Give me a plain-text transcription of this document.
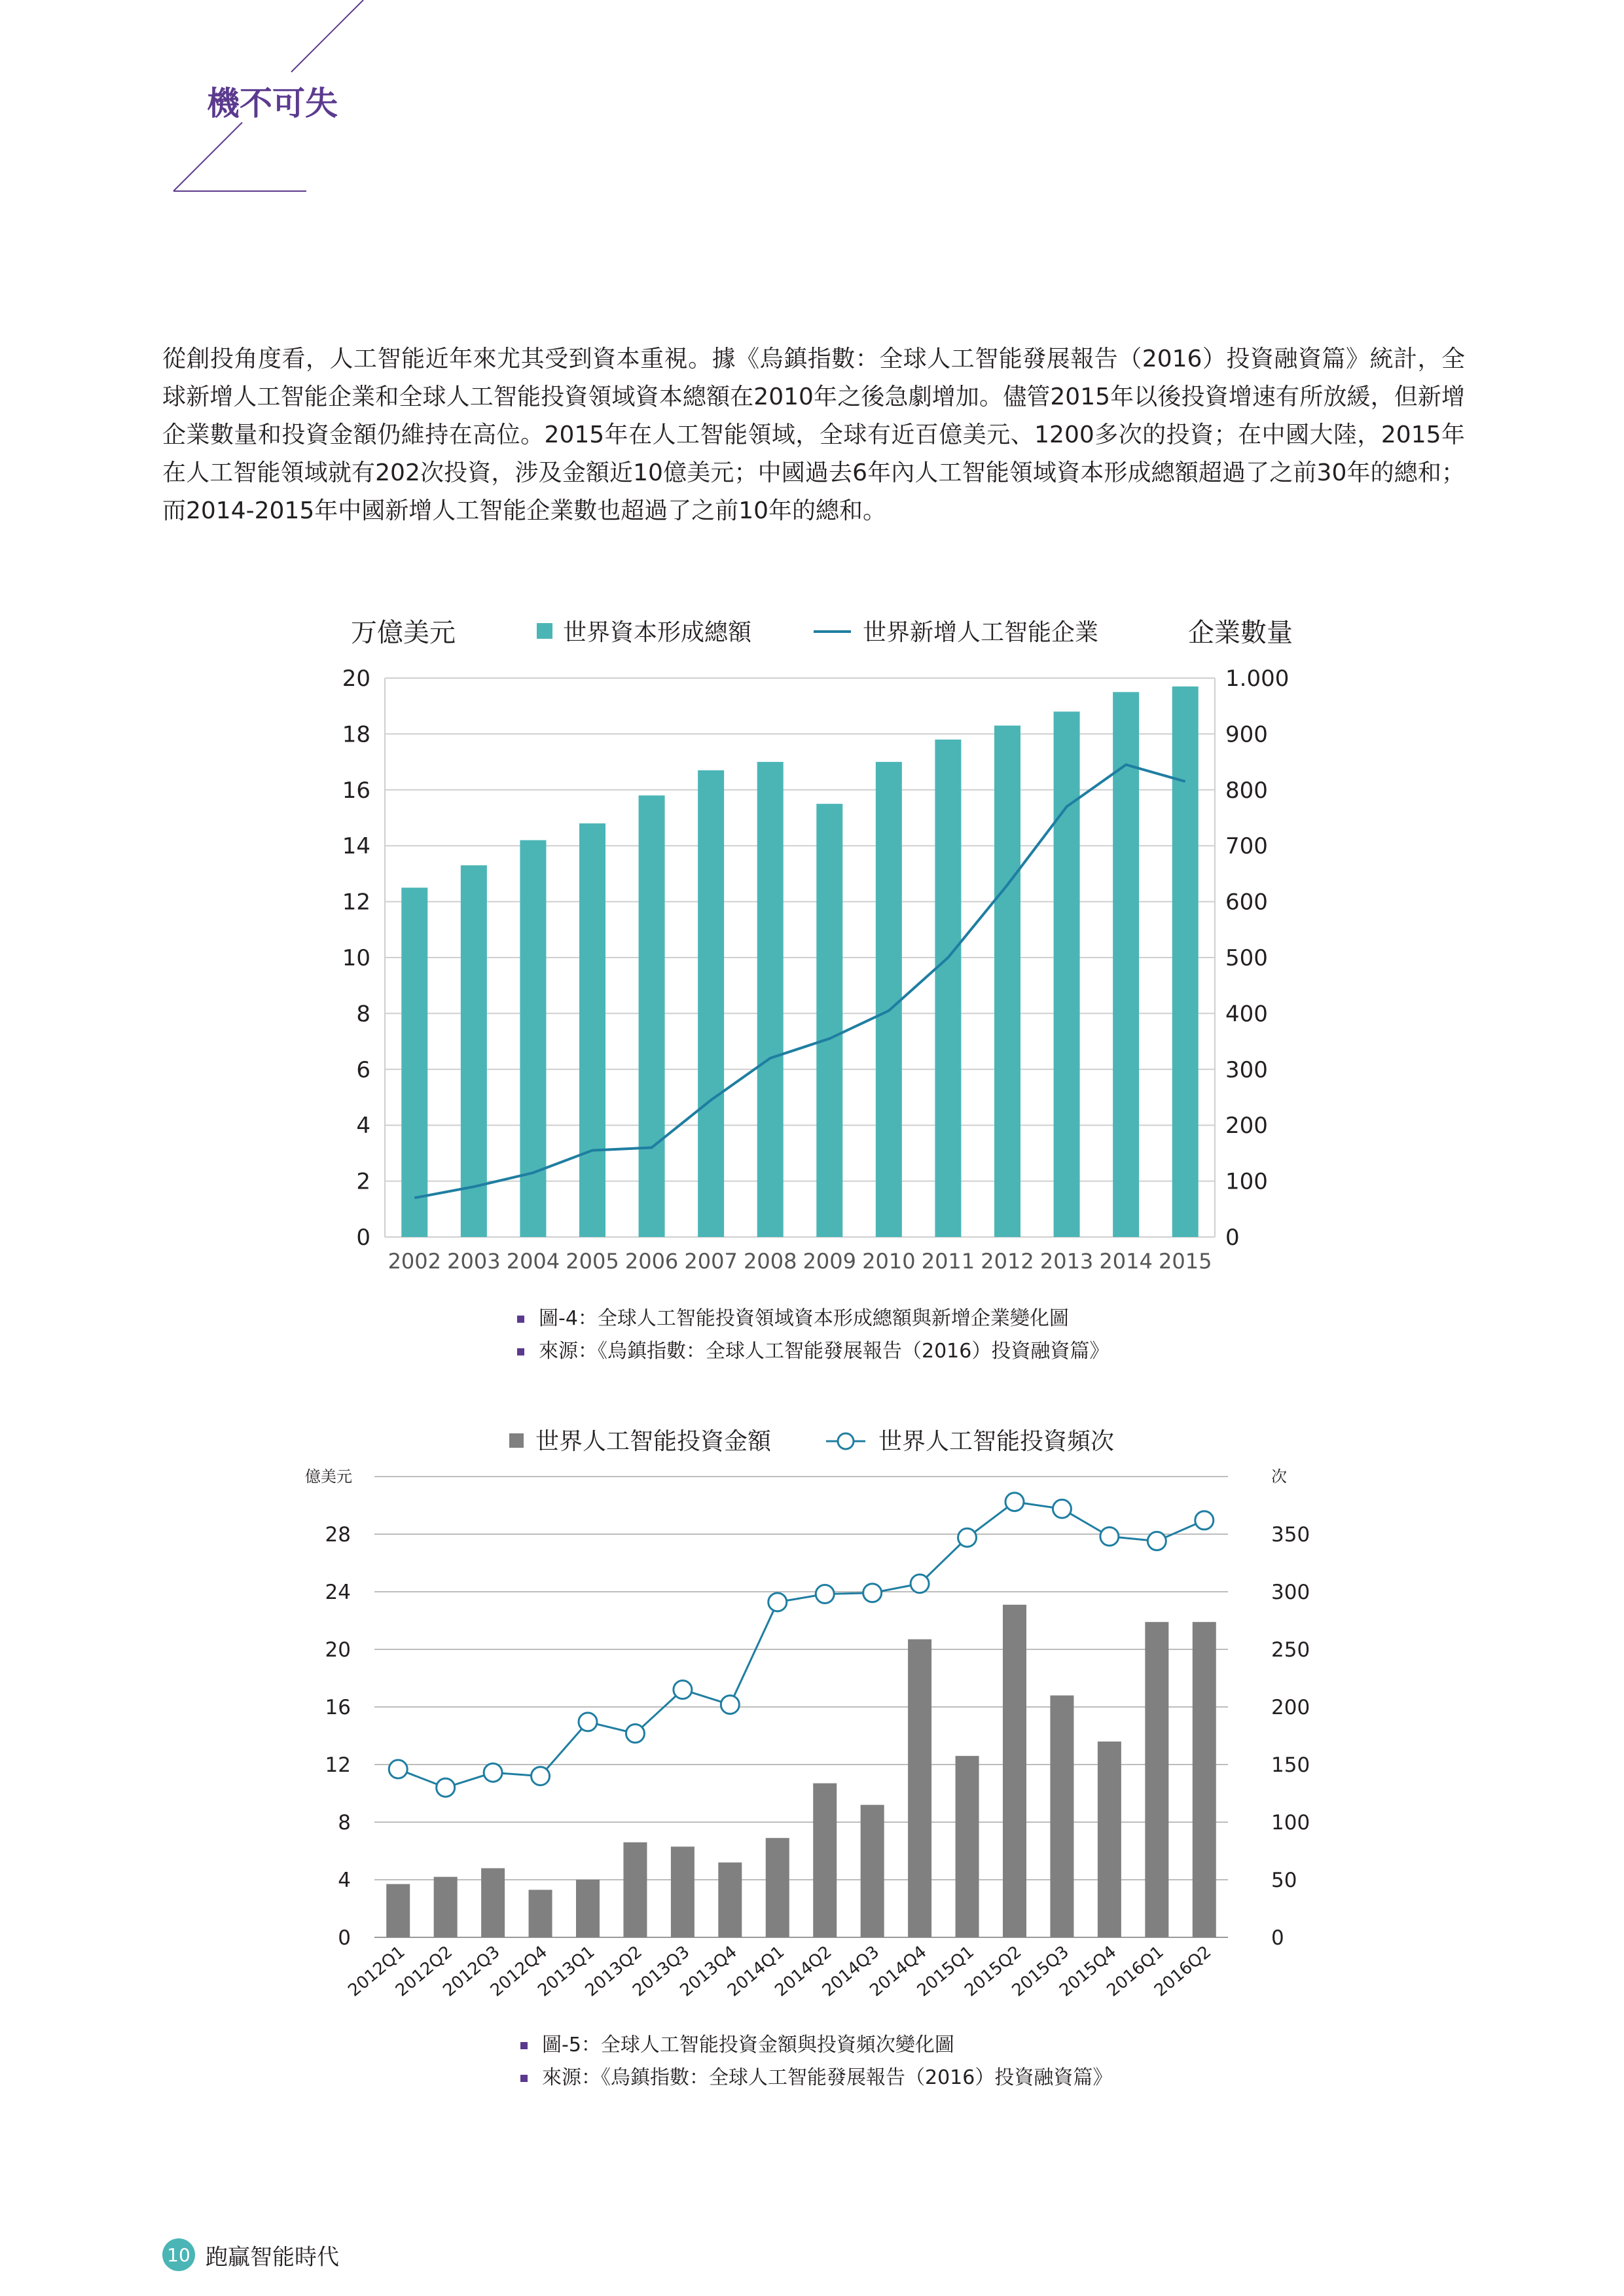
機不可失

從創投角度看，人工智能近年來尤其受到資本重視。據《烏鎮指數：全球人工智能發展報告（2016）投資融資篇》統計，全球新增人工智能企業和全球人工智能投資領域資本總額在2010年之後急劇增加。儘管2015年以後投資增速有所放緩，但新增企業數量和投資金額仍維持在高位。2015年在人工智能領域，全球有近百億美元、1200多次的投資；在中國大陸，2015年在人工智能領域就有202次投資，涉及金額近10億美元；中國過去6年內人工智能領域資本形成總額超過了之前30年的總和；而2014-2015年中國新增人工智能企業數也超過了之前10年的總和。

0	0
2	100
4	200
6	300
8	400
10	500
12	600
14	700
16	800
18	900
20	1.000
2002 2003 2004 2005 2006 2007 2008 2009 2010 2011 2012 2013 2014 2015
万億美元	企業數量
世界資本形成總額	世界新增人工智能企業
圖-4：全球人工智能投資領域資本形成總額與新增企業變化圖
來源：《烏鎮指數：全球人工智能發展報告（2016）投資融資篇》
0	0
4	50
8	100
12	150
16	200
20	250
24	300
28	350
2012Q1
2012Q2
2012Q3
2012Q4
2013Q1
2013Q2
2013Q3
2013Q4
2014Q1
2014Q2
2014Q3
2014Q4
2015Q1
2015Q2
2015Q3
2015Q4
2016Q1
2016Q2
億美元	次
世界人工智能投資金額	世界人工智能投資頻次
圖-5：全球人工智能投資金額與投資頻次變化圖
來源：《烏鎮指數：全球人工智能發展報告（2016）投資融資篇》
10 跑贏智能時代
